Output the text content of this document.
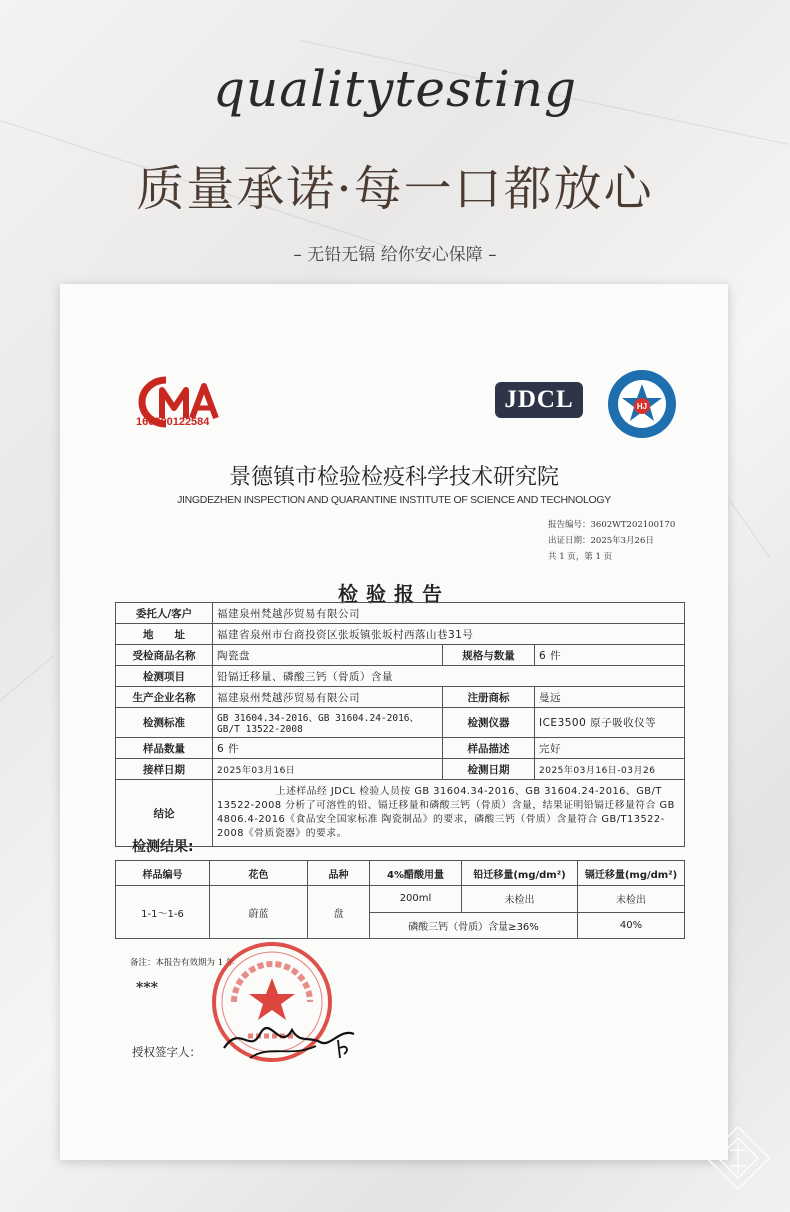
qualitytesting
质量承诺·每一口都放心
– 无铅无镉 给你安心保障 –
160000122584
JDCL	HJ
景德镇市检验检疫科学技术研究院
JINGDEZHEN INSPECTION AND QUARANTINE INSTITUTE OF SCIENCE AND TECHNOLOGY
报告编号：3602WT202100170
出证日期：2025年3月26日
共 1 页，第 1 页
检验报告
委托人/客户	福建泉州梵越莎贸易有限公司		
地　　址	福建省泉州市台商投资区张坂镇张坂村西落山巷31号		
受检商品名称	陶瓷盘	规格与数量	6 件
检测项目	铅镉迁移量、磷酸三钙（骨质）含量		
生产企业名称	福建泉州梵越莎贸易有限公司	注册商标	曼远
检测标准	GB 31604.34-2016、GB 31604.24-2016、GB/T 13522-2008	检测仪器	ICE3500 原子吸收仪等
样品数量	6 件	样品描述	完好
接样日期	2025年03月16日	检测日期	2025年03月16日-03月26
结论	上述样品经 JDCL 检验人员按 GB 31604.34-2016、GB 31604.24-2016、GB/T 13522-2008 分析了可溶性的铅、镉迁移量和磷酸三钙（骨质）含量，结果证明铅镉迁移量符合 GB 4806.4-2016《食品安全国家标准 陶瓷制品》的要求，磷酸三钙（骨质）含量符合 GB/T13522-2008《骨质瓷器》的要求。		
检测结果:
样品编号	花色	品种	4%醋酸用量	铅迁移量(mg/dm²)	镉迁移量(mg/dm²)
1-1～1-6	蔚蓝	盘	200ml	未检出	未检出
			磷酸三钙（骨质）含量≥36%		40%
备注：本报告有效期为 1 年
***
授权签字人：
